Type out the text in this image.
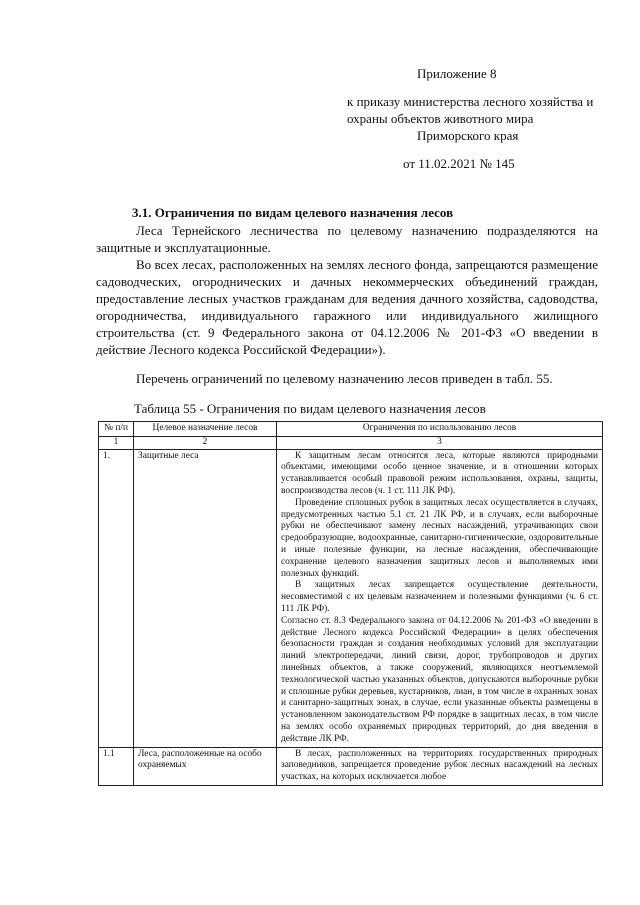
Приложение 8
к приказу министерства лесного хозяйства и
охраны объектов животного мира
Приморского края
от 11.02.2021 № 145
3.1. Ограничения по видам целевого назначения лесов
Леса Тернейского лесничества по целевому назначению подразделяются на защитные и эксплуатационные.
Во всех лесах, расположенных на землях лесного фонда, запрещаются размещение садоводческих, огороднических и дачных некоммерческих объединений граждан, предоставление лесных участков гражданам для ведения дачного хозяйства, садоводства, огородничества, индивидуального гаражного или индивидуального жилищного строительства (ст. 9 Федерального закона от 04.12.2006 № 201-ФЗ «О введении в действие Лесного кодекса Российской Федерации»).
Перечень ограничений по целевому назначению лесов приведен в табл. 55.
Таблица 55 - Ограничения по видам целевого назначения лесов
№ п/п	Целевое назначение лесов	Ограничения по использованию лесов
1	2	3
1.	Защитные леса	К защитным лесам относятся леса, которые являются природными объектами, имеющими особо ценное значение, и в отношении которых устанавливается особый правовой режим использования, охраны, защиты, воспроизводства лесов (ч. 1 ст. 111 ЛК РФ).

Проведение сплошных рубок в защитных лесах осуществляется в случаях, предусмотренных частью 5.1 ст. 21 ЛК РФ, и в случаях, если выборочные рубки не обеспечивают замену лесных насаждений, утрачивающих свои средообразующие, водоохранные, санитарно-гигиенические, оздоровительные и иные полезные функции, на лесные насаждения, обеспечивающие сохранение целевого назначения защитных лесов и выполняемых ими полезных функций.

В защитных лесах запрещается осуществление деятельности, несовместимой с их целевым назначением и полезными функциями (ч. 6 ст. 111 ЛК РФ).

Согласно ст. 8.3 Федерального закона от 04.12.2006 № 201-ФЗ «О введении в действие Лесного кодекса Российской Федерации» в целях обеспечения безопасности граждан и создания необходимых условий для эксплуатации линий электропередачи, линий связи, дорог, трубопроводов и других линейных объектов, а также сооружений, являющихся неотъемлемой технологической частью указанных объектов, допускаются выборочные рубки и сплошные рубки деревьев, кустарников, лиан, в том числе в охранных зонах и санитарно-защитных зонах, в случае, если указанные объекты размещены в установленном законодательством РФ порядке в защитных лесах, в том числе на землях особо охраняемых природных территорий, до дня введения в действие ЛК РФ.

1.1	Леса, расположенные на особо охраняемых	В лесах, расположенных на территориях государственных природных заповедников, запрещается проведение рубок лесных насаждений на лесных участках, на которых исключается любое
